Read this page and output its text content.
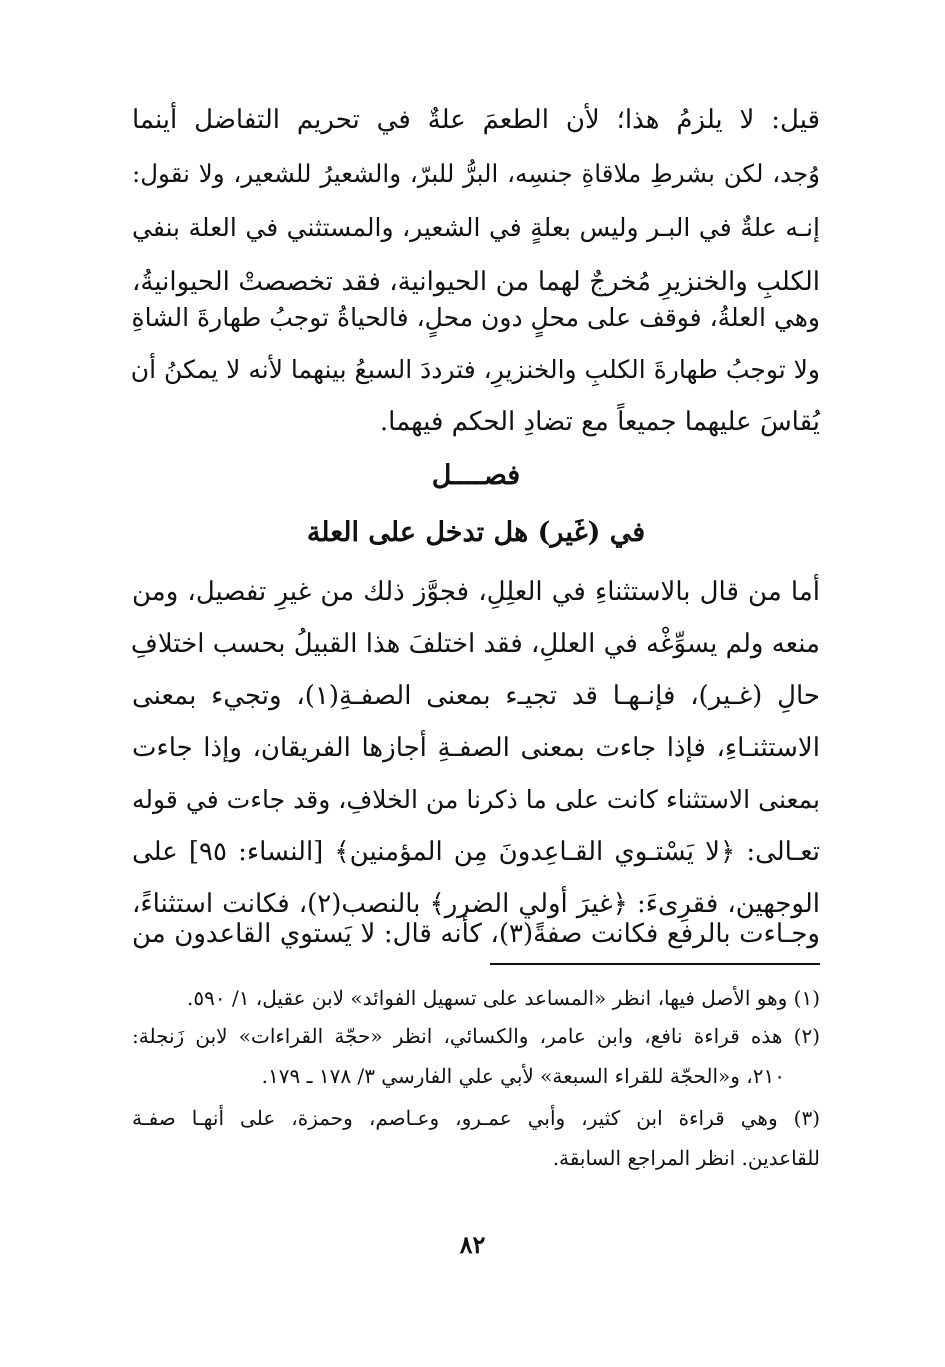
قيل: لا يلزمُ هذا؛ لأن الطعمَ علةٌ في تحريم التفاضل أينما
وُجد، لكن بشرطِ ملاقاةِ جنسِه، البرُّ للبرّ، والشعيرُ للشعير، ولا نقول:
إنـه علةٌ في البـر وليس بعلةٍ في الشعير، والمستثني في العلة بنفي
الكلبِ والخنزيرِ مُخرجٌ لهما من الحيوانية، فقد تخصصتْ الحيوانيةُ،
وهي العلةُ، فوقف على محلٍ دون محلٍ، فالحياةُ توجبُ طهارةَ الشاةِ
ولا توجبُ طهارةَ الكلبِ والخنزيرِ، فترددَ السبعُ بينهما لأنه لا يمكنُ أن
يُقاسَ عليهما جميعاً مع تضادِ الحكم فيهما.
فصــــل
في (غَير) هل تدخل على العلة
أما من قال بالاستثناءِ في العلِلِ، فجوَّز ذلك من غيرِ تفصيل، ومن
منعه ولم يسوِّغْه في العللِ، فقد اختلفَ هذا القبيلُ بحسب اختلافِ
حالِ (غـير)، فإنـهـا قد تجيـء بمعنى الصفـةِ(١)، وتجيء بمعنى
الاستثنـاءِ، فإذا جاءت بمعنى الصفـةِ أجازها الفريقان، وإذا جاءت
بمعنى الاستثناء كانت على ما ذكرنا من الخلافِ، وقد جاءت في قوله
تعـالى: ﴿لا يَسْتـوي القـاعِدونَ مِن المؤمنين﴾ [النساء: ٩٥] على
الوجهين، فقرِىءَ: ﴿غيرَ أولي الضرر﴾ بالنصب(٢)، فكانت استثناءً،
وجـاءت بالرفع فكانت صفةً(٣)، كأنه قال: لا يَستوي القاعدون من
(١) وهو الأصل فيها، انظر «المساعد على تسهيل الفوائد» لابن عقيل، ١/ ٥٩٠.
(٢) هذه قراءة نافع، وابن عامر، والكسائي، انظر «حجّة القراءات» لابن زَنجلة:
٢١٠، و«الحجّة للقراء السبعة» لأبي علي الفارسي ٣/ ١٧٨ ـ ١٧٩.
(٣) وهي قراءة ابن كثير، وأبي عمـرو، وعـاصم، وحمزة، على أنهـا صفـة
للقاعدين. انظر المراجع السابقة.
٨٢
